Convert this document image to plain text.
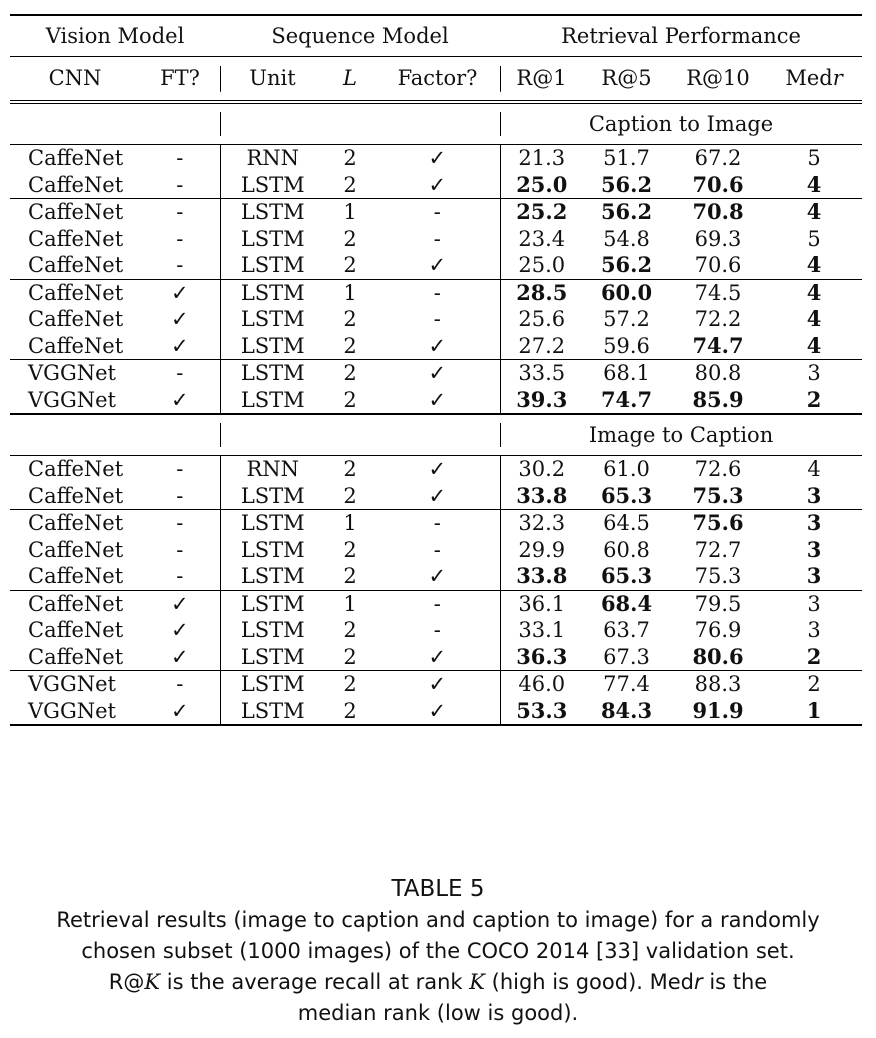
Vision Model		Sequence Model			Retrieval Performance			
CNN	FT?	Unit	L	Factor?	R@1	R@5	R@10	Medr
					Caption to Image			
CaffeNet	-	RNN	2	✓	21.3	51.7	67.2	5
CaffeNet	-	LSTM	2	✓	25.0	56.2	70.6	4
CaffeNet	-	LSTM	1	-	25.2	56.2	70.8	4
CaffeNet	-	LSTM	2	-	23.4	54.8	69.3	5
CaffeNet	-	LSTM	2	✓	25.0	56.2	70.6	4
CaffeNet	✓	LSTM	1	-	28.5	60.0	74.5	4
CaffeNet	✓	LSTM	2	-	25.6	57.2	72.2	4
CaffeNet	✓	LSTM	2	✓	27.2	59.6	74.7	4
VGGNet	-	LSTM	2	✓	33.5	68.1	80.8	3
VGGNet	✓	LSTM	2	✓	39.3	74.7	85.9	2
					Image to Caption			
CaffeNet	-	RNN	2	✓	30.2	61.0	72.6	4
CaffeNet	-	LSTM	2	✓	33.8	65.3	75.3	3
CaffeNet	-	LSTM	1	-	32.3	64.5	75.6	3
CaffeNet	-	LSTM	2	-	29.9	60.8	72.7	3
CaffeNet	-	LSTM	2	✓	33.8	65.3	75.3	3
CaffeNet	✓	LSTM	1	-	36.1	68.4	79.5	3
CaffeNet	✓	LSTM	2	-	33.1	63.7	76.9	3
CaffeNet	✓	LSTM	2	✓	36.3	67.3	80.6	2
VGGNet	-	LSTM	2	✓	46.0	77.4	88.3	2
VGGNet	✓	LSTM	2	✓	53.3	84.3	91.9	1
TABLE 5
Retrieval results (image to caption and caption to image) for a randomly
chosen subset (1000 images) of the COCO 2014 [33] validation set.
R@K is the average recall at rank K (high is good). Medr is the
median rank (low is good).
